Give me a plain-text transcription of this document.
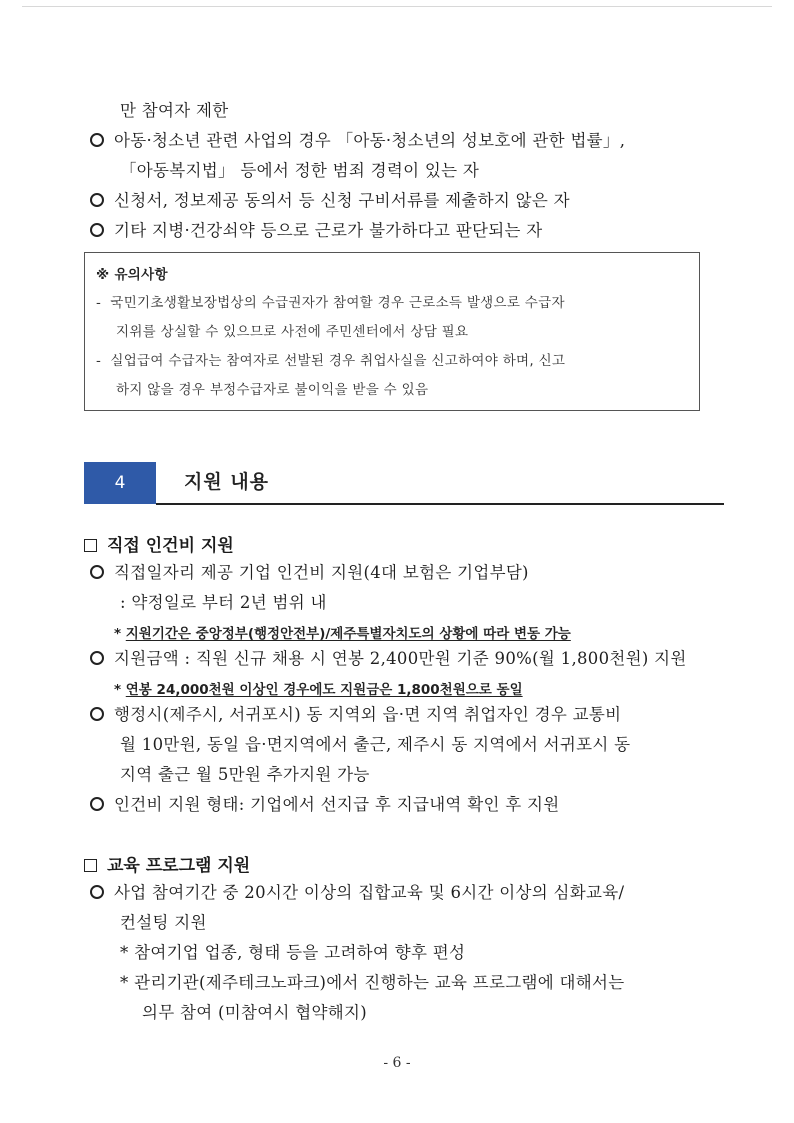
만 참여자 제한
아동·청소년 관련 사업의 경우 「아동·청소년의 성보호에 관한 법률」,
「아동복지법」 등에서 정한 범죄 경력이 있는 자
신청서, 정보제공 동의서 등 신청 구비서류를 제출하지 않은 자
기타 지병·건강쇠약 등으로 근로가 불가하다고 판단되는 자
※ 유의사항
- 국민기초생활보장법상의 수급권자가 참여할 경우 근로소득 발생으로 수급자
지위를 상실할 수 있으므로 사전에 주민센터에서 상담 필요
- 실업급여 수급자는 참여자로 선발된 경우 취업사실을 신고하여야 하며, 신고
하지 않을 경우 부정수급자로 불이익을 받을 수 있음
4	지원 내용
직접 인건비 지원
직접일자리 제공 기업 인건비 지원(4대 보험은 기업부담)
: 약정일로 부터 2년 범위 내
* 지원기간은 중앙정부(행정안전부)/제주특별자치도의 상황에 따라 변동 가능
지원금액 : 직원 신규 채용 시 연봉 2,400만원 기준 90%(월 1,800천원) 지원
* 연봉 24,000천원 이상인 경우에도 지원금은 1,800천원으로 동일
행정시(제주시, 서귀포시) 동 지역외 읍·면 지역 취업자인 경우 교통비
월 10만원, 동일 읍·면지역에서 출근, 제주시 동 지역에서 서귀포시 동
지역 출근 월 5만원 추가지원 가능
인건비 지원 형태: 기업에서 선지급 후 지급내역 확인 후 지원
교육 프로그램 지원
사업 참여기간 중 20시간 이상의 집합교육 및 6시간 이상의 심화교육/
컨설팅 지원
* 참여기업 업종, 형태 등을 고려하여 향후 편성
* 관리기관(제주테크노파크)에서 진행하는 교육 프로그램에 대해서는
의무 참여 (미참여시 협약해지)
- 6 -
